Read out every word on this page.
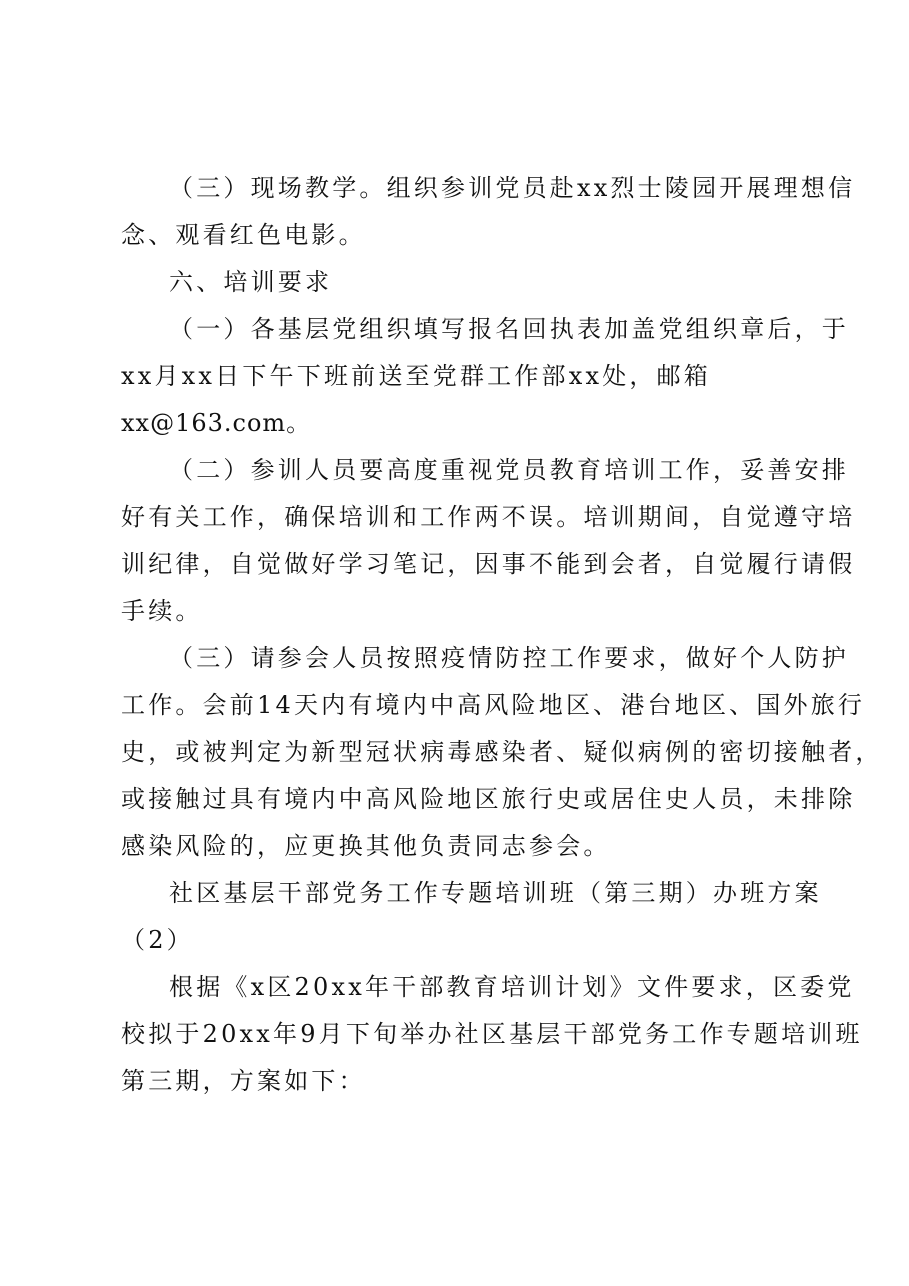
（三）现场教学。组织参训党员赴xx烈士陵园开展理想信
念、观看红色电影。
六、培训要求
（一）各基层党组织填写报名回执表加盖党组织章后，于
xx月xx日下午下班前送至党群工作部xx处，邮箱
xx@163.com。
（二）参训人员要高度重视党员教育培训工作，妥善安排
好有关工作，确保培训和工作两不误。培训期间，自觉遵守培
训纪律，自觉做好学习笔记，因事不能到会者，自觉履行请假
手续。
（三）请参会人员按照疫情防控工作要求，做好个人防护
工作。会前14天内有境内中高风险地区、港台地区、国外旅行
史，或被判定为新型冠状病毒感染者、疑似病例的密切接触者，
或接触过具有境内中高风险地区旅行史或居住史人员，未排除
感染风险的，应更换其他负责同志参会。
社区基层干部党务工作专题培训班（第三期）办班方案
（2）
根据《x区20xx年干部教育培训计划》文件要求，区委党
校拟于20xx年9月下旬举办社区基层干部党务工作专题培训班
第三期，方案如下：
